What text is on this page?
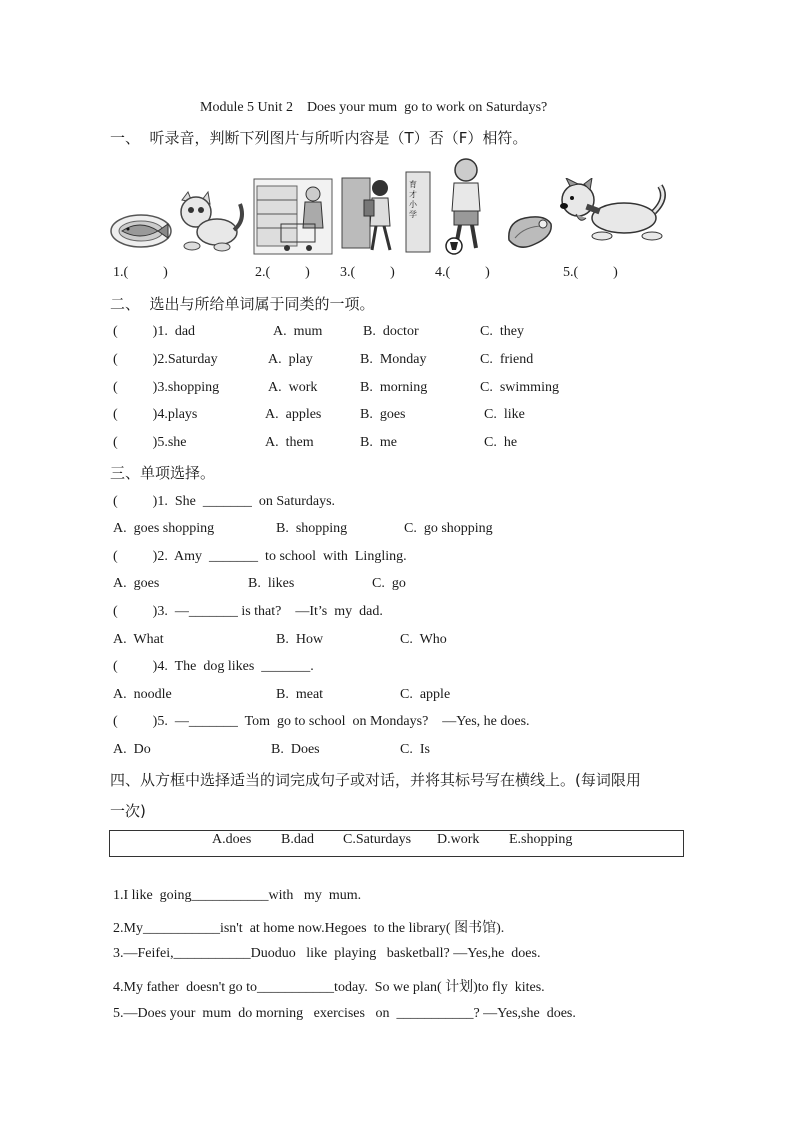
Module 5 Unit 2    Does your mum  go to work on Saturdays?
一、  听录音，判断下列图片与所听内容是（T）否（F）相符。
育才小学
1.(          )	2.(          ) 3.(          )	4.(          )	5.(          )
二、  选出与所给单词属于同类的一项。
(          )1.  dad	A.  mum	B.  doctor	C.  they
(          )2.Saturday	A.  play	B.  Monday	C.  friend
(          )3.shopping	A.  work	B.  morning	C.  swimming
(          )4.plays	A.  apples	B.  goes	C.  like
(          )5.she	A.  them	B.  me	C.  he
三、单项选择。
(          )1.  She  _______  on Saturdays.
A.  goes shopping	B.  shopping	C.  go shopping
(          )2.  Amy  _______  to school  with  Lingling.
A.  goes	B.  likes	C.  go
(          )3.  —_______ is that?    —It’s  my  dad.
A.  What	B.  How	C.  Who
(          )4.  The  dog likes  _______.
A.  noodle	B.  meat	C.  apple
(          )5.  —_______  Tom  go to school  on Mondays?    —Yes, he does.
A.  Do	B.  Does	C.  Is
四、从方框中选择适当的词完成句子或对话，并将其标号写在横线上。(每词限用
一次)
A.does B.dad C.Saturdays D.work E.shopping
1.I like  going___________with   my  mum.
2.My___________isn't  at home now.Hegoes  to the library( 图书馆).
3.—Feifei,___________Duoduo   like  playing   basketball? —Yes,he  does.
4.My father  doesn't go to___________today.  So we plan( 计划)to fly  kites.
5.—Does your  mum  do morning   exercises   on  ___________? —Yes,she  does.
